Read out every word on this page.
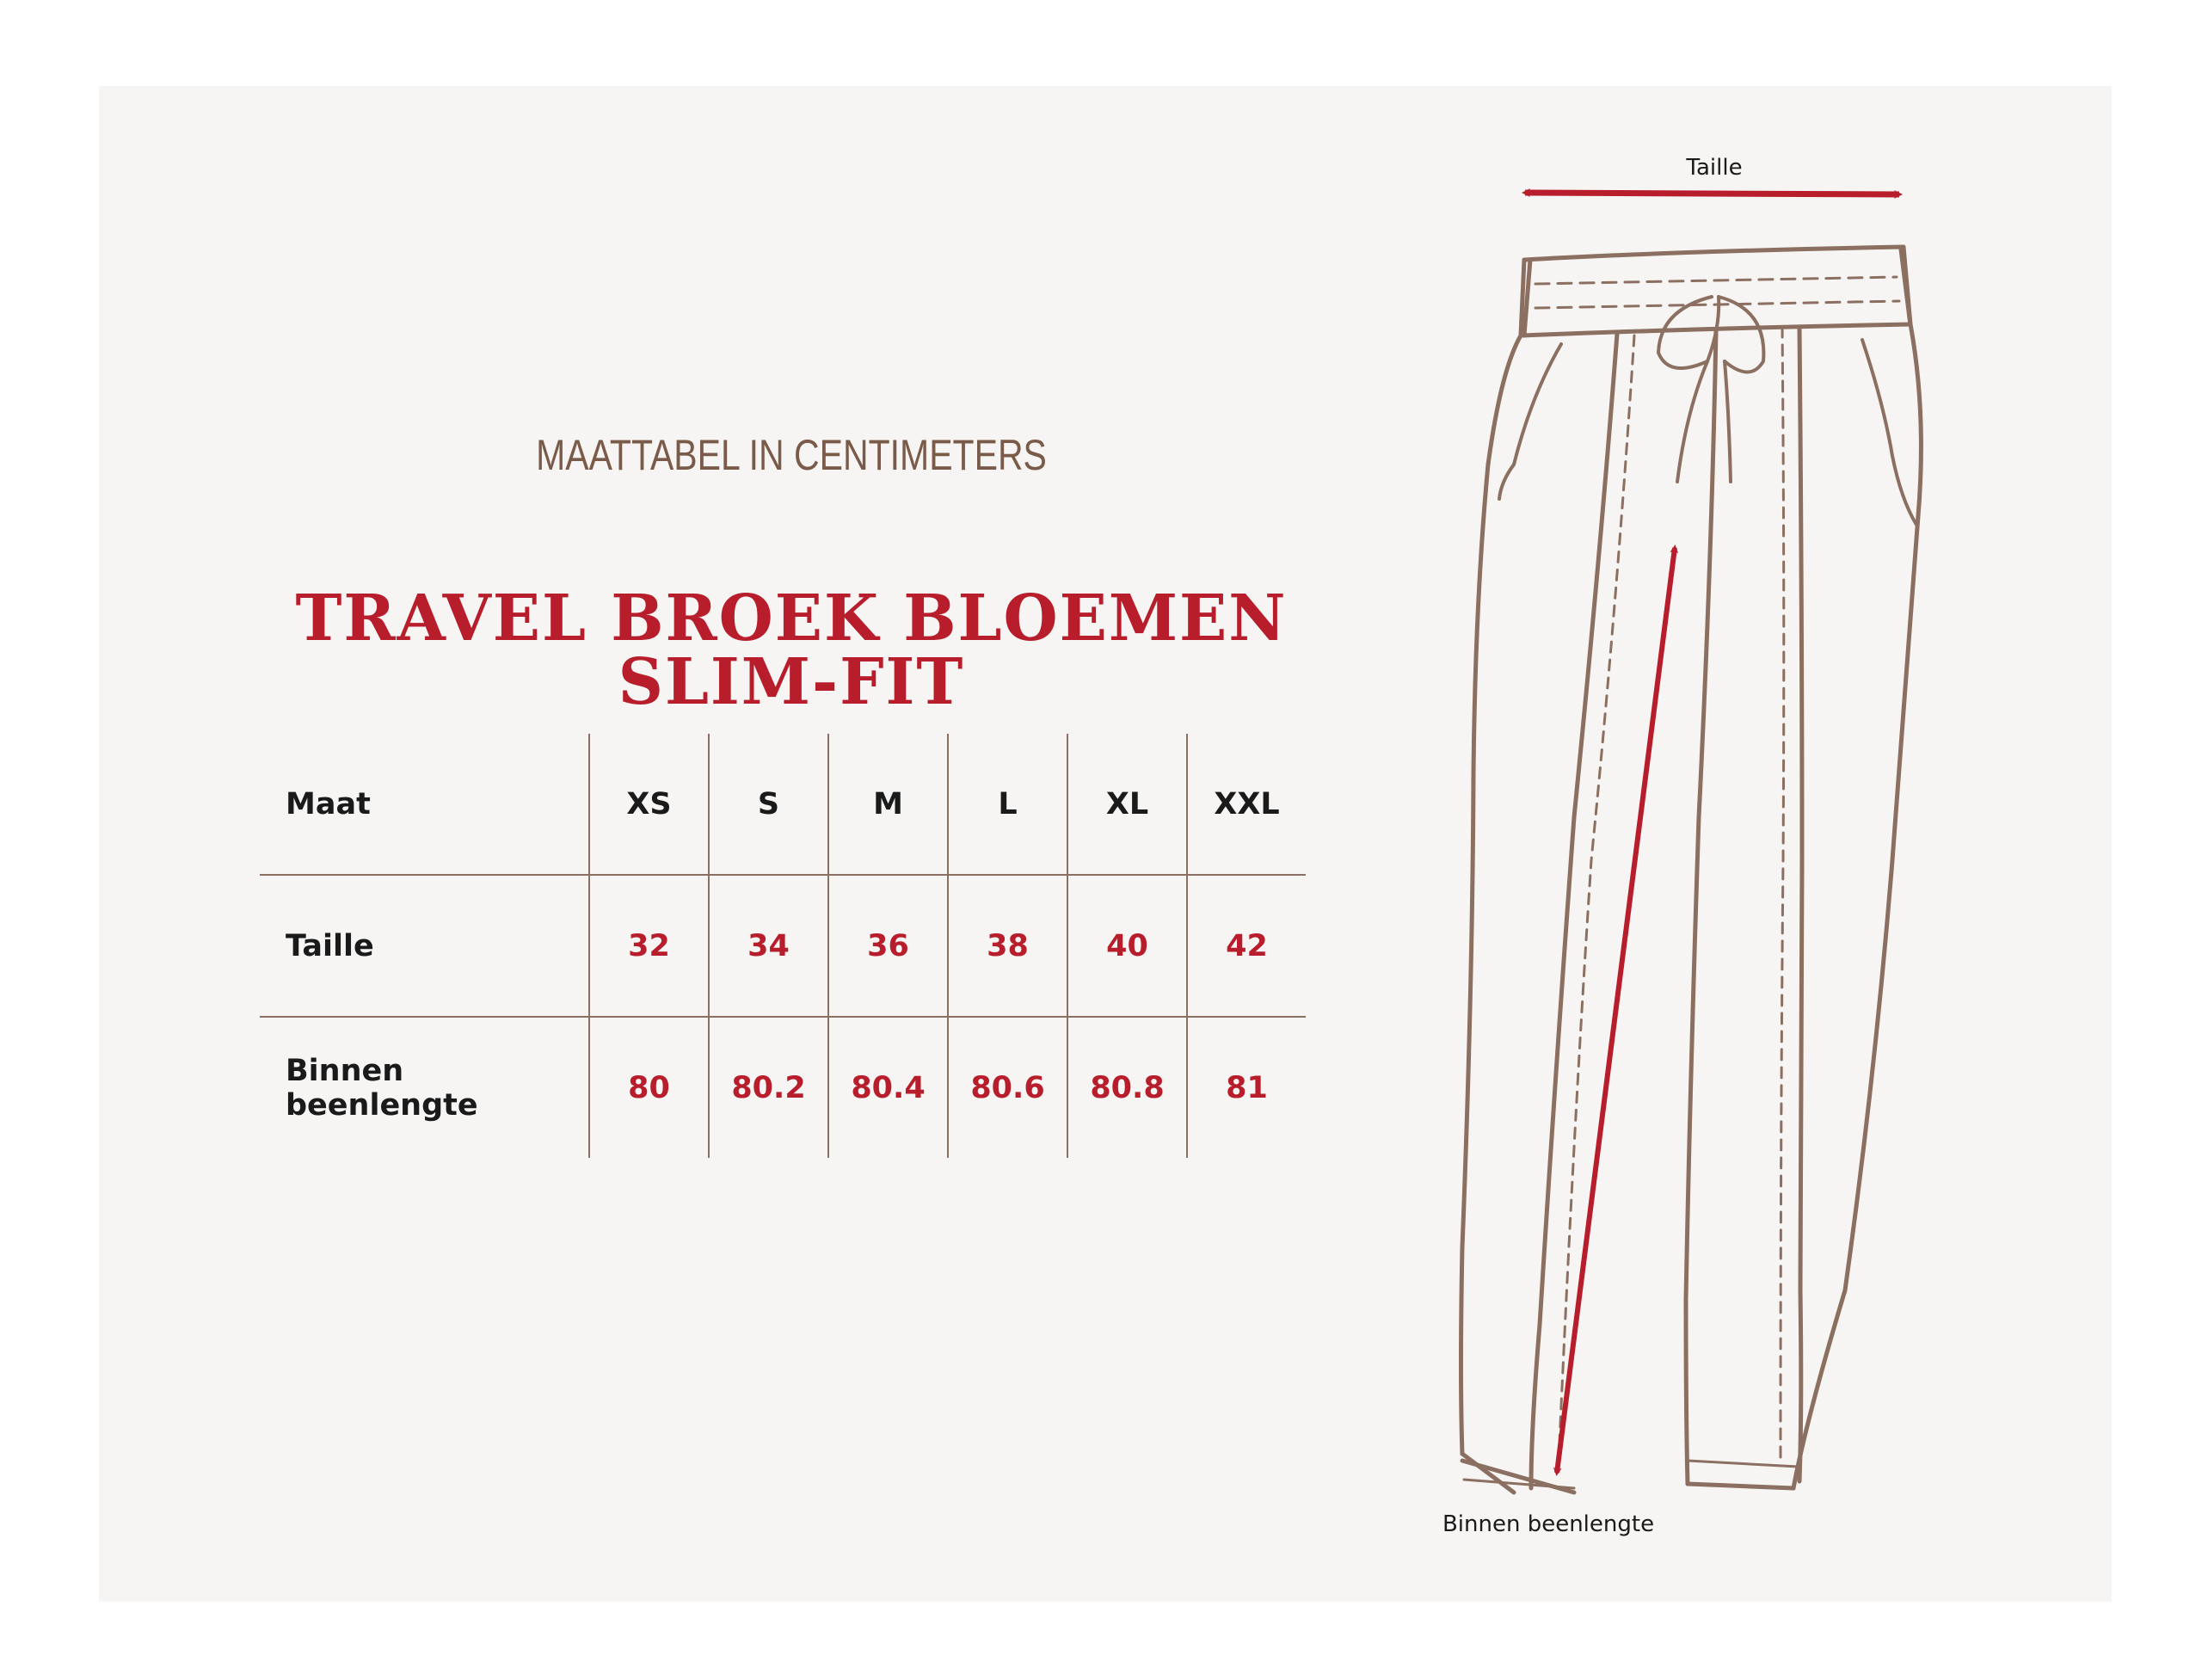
MAATTABEL IN CENTIMETERS

TRAVEL BROEK BLOEMEN SLIM-FIT
Maat	XS	S	M	L	XL	XXL
Taille	32	34	36	38	40	42
Binnen beenlengte	80	80.2	80.4	80.6	80.8	81
Taille
Binnen beenlengte
